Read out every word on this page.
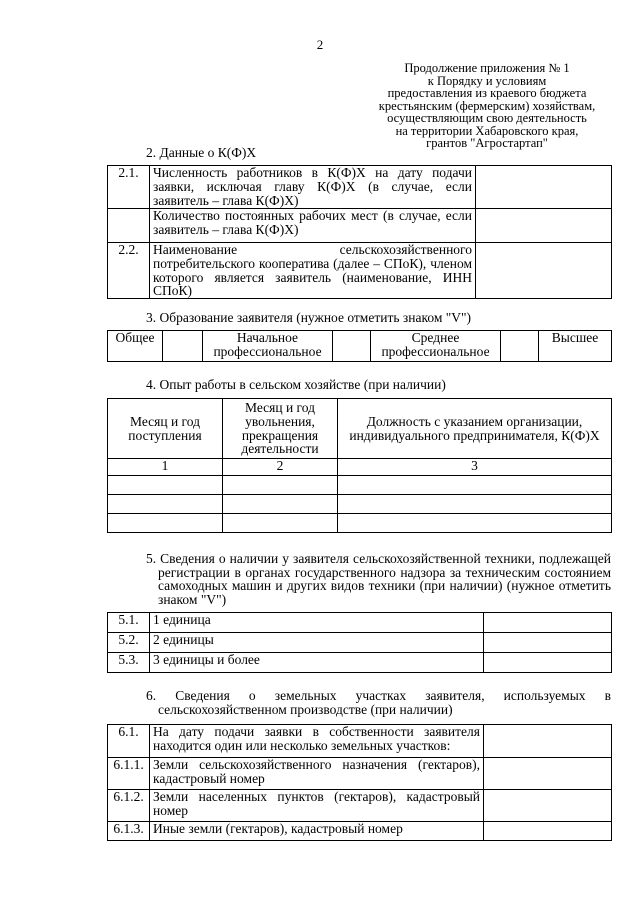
2
Продолжение приложения № 1
к Порядку и условиям
предоставления из краевого бюджета
крестьянским (фермерским) хозяйствам,
осуществляющим свою деятельность
на территории Хабаровского края,
грантов "Агростартап"
2. Данные о К(Ф)Х
2.1.	Численность работников в К(Ф)Х на дату подачи заявки, исключая главу К(Ф)Х (в случае, если заявитель – глава К(Ф)Х)	
	Количество постоянных рабочих мест (в случае, если заявитель – глава К(Ф)Х)	
2.2.	Наименование сельскохозяйственного потребительского кооператива (далее – СПоК), членом которого является заявитель (наименование, ИНН СПоК)	
3. Образование заявителя (нужное отметить знаком "V")
Общее		Начальное профессиональное		Среднее профессиональное		Высшее
4. Опыт работы в сельском хозяйстве (при наличии)
Месяц и год поступления	Месяц и год увольнения, прекращения деятельности	Должность с указанием организации, индивидуального предпринимателя, К(Ф)Х
1	2	3

5. Сведения о наличии у заявителя сельскохозяйственной техники, подлежащей регистрации в органах государственного надзора за техническим состоянием самоходных машин и других видов техники (при наличии) (нужное отметить знаком "V")
5.1.	1 единица	
5.2.	2 единицы	
5.3.	3 единицы и более	
6. Сведения о земельных участках заявителя, используемых в сельскохозяйственном производстве (при наличии)
6.1.	На дату подачи заявки в собственности заявителя находится один или несколько земельных участков:	
6.1.1.	Земли сельскохозяйственного назначения (гектаров), кадастровый номер	
6.1.2.	Земли населенных пунктов (гектаров), кадастровый номер	
6.1.3.	Иные земли (гектаров), кадастровый номер	
